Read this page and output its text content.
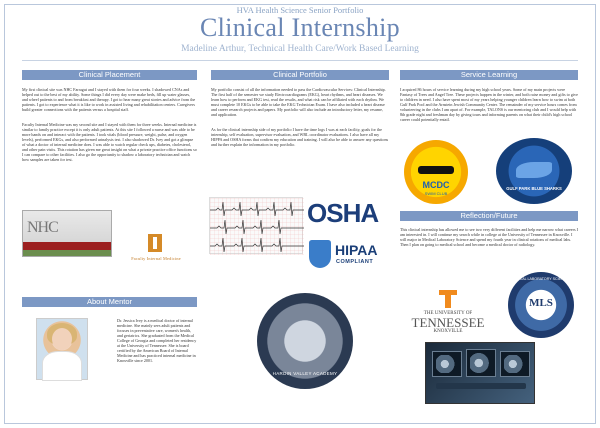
HVA Health Science Senior Portfolio
Clinical Internship
Madeline Arthur, Technical Health Care/Work Based Learning
Clinical Placement
My first clinical site was NHC Farragut and I stayed with them for four weeks. I shadowed CNAs and helped out to the best of my ability. Some things I did every day were make beds, fill up water glasses, and wheel patients to and from breakfast and therapy. I got to hear many great stories and advice from the patients. I got to experience what it is like to work in assisted living and rehabilitation centers. Caregivers build greater connections with the patients versus a hospital staff.
Faculty Internal Medicine was my second site and I stayed with them for three weeks. Internal medicine is similar to family practice except it is only adult patients. At this site I followed a nurse and was able to be more hands on and interact with the patients. I took vitals (blood pressure, weight, pulse, and oxygen levels), performed EKGs, and also performed urinalysis test. I also shadowed Dr. Ivey and got a glimpse of what a doctor of internal medicine does. I was able to watch regular check ups, diabetes, cholesterol, and other pain visits. This rotation has given me great insight on what a private practice office functions so I can compare to other facilities. I also go the opportunity to shadow a laboratory technician and watch how samples are taken for test.
NHC
Faculty Internal Medicine
About Mentor
Dr. Jessica Ivey is a medical doctor of internal medicine. She mainly sees adult patients and focuses in preventative care, women's health, and geriatrics. She graduated from the Medical College of Georgia and completed her residency at the University of Tennessee. She is board certified by the American Board of Internal Medicine and has practiced internal medicine in Knoxville since 2001.
Clinical Portfolio
My portfolio consist of all the information needed to pass the Cardiovascular Services: Clinical Internship. The first half of the semester we study Electrocardiograms (EKG), heart rhythms, and heart diseases. We learn how to perform and EKG test, read the results, and what risk can be affiliated with each rhythm. We must complete 10 EKGs to be able to take the EKG Technician Exam. I have also included a heart disease and career research projects and papers. My portfolio will also include an introductory letter, my resume, and application.
As for the clinical internship side of my portfolio I have the time logs I was at each facility, goals for the internship, self evaluation, supervisor evaluation, and WBL coordinator evaluations. I also have all my HIPPA and OSHA forms that confirm my education and training. I will also be able to answer any questions and further explain the information in my portfolio.
OSHA
HIPAA
COMPLIANT
HARDIN VALLEY ACADEMY
Service Learning
I acquired 86 hours of service learning during my high school years. Some of my main projects were Fantasy of Trees and Angel Tree. These projects happen in the winter, and both raise money and gifts to give to children in need. I also have spent most of my years helping younger children learn how to swim at both Gulf Park Pool and the Arnstein Jewish Community Center. The remainder of my service hours comes from volunteering in the clubs I am apart of. For example, TALONS is our mentoring club and I would help with 8th grade night and freshman day by giving tours and informing parents on what their child's high school career could potentially entail.
MCDC
SWIM CLUB
GULF PARK BLUE SHARKS
Reflection/Future
This clinical internship has allowed me to see two very different facilities and help me narrow what careers I am interested in. I will continue my search while in college at the University of Tennessee in Knoxville. I will major in Medical Laboratory Science and spend my fourth year in clinical rotations of medical labs. Then I plan on going to medical school and become a medical doctor of radiology.
THE UNIVERSITY OF
TENNESSEE
KNOXVILLE
MLS
MEDICAL LABORATORY SCIENTIST
